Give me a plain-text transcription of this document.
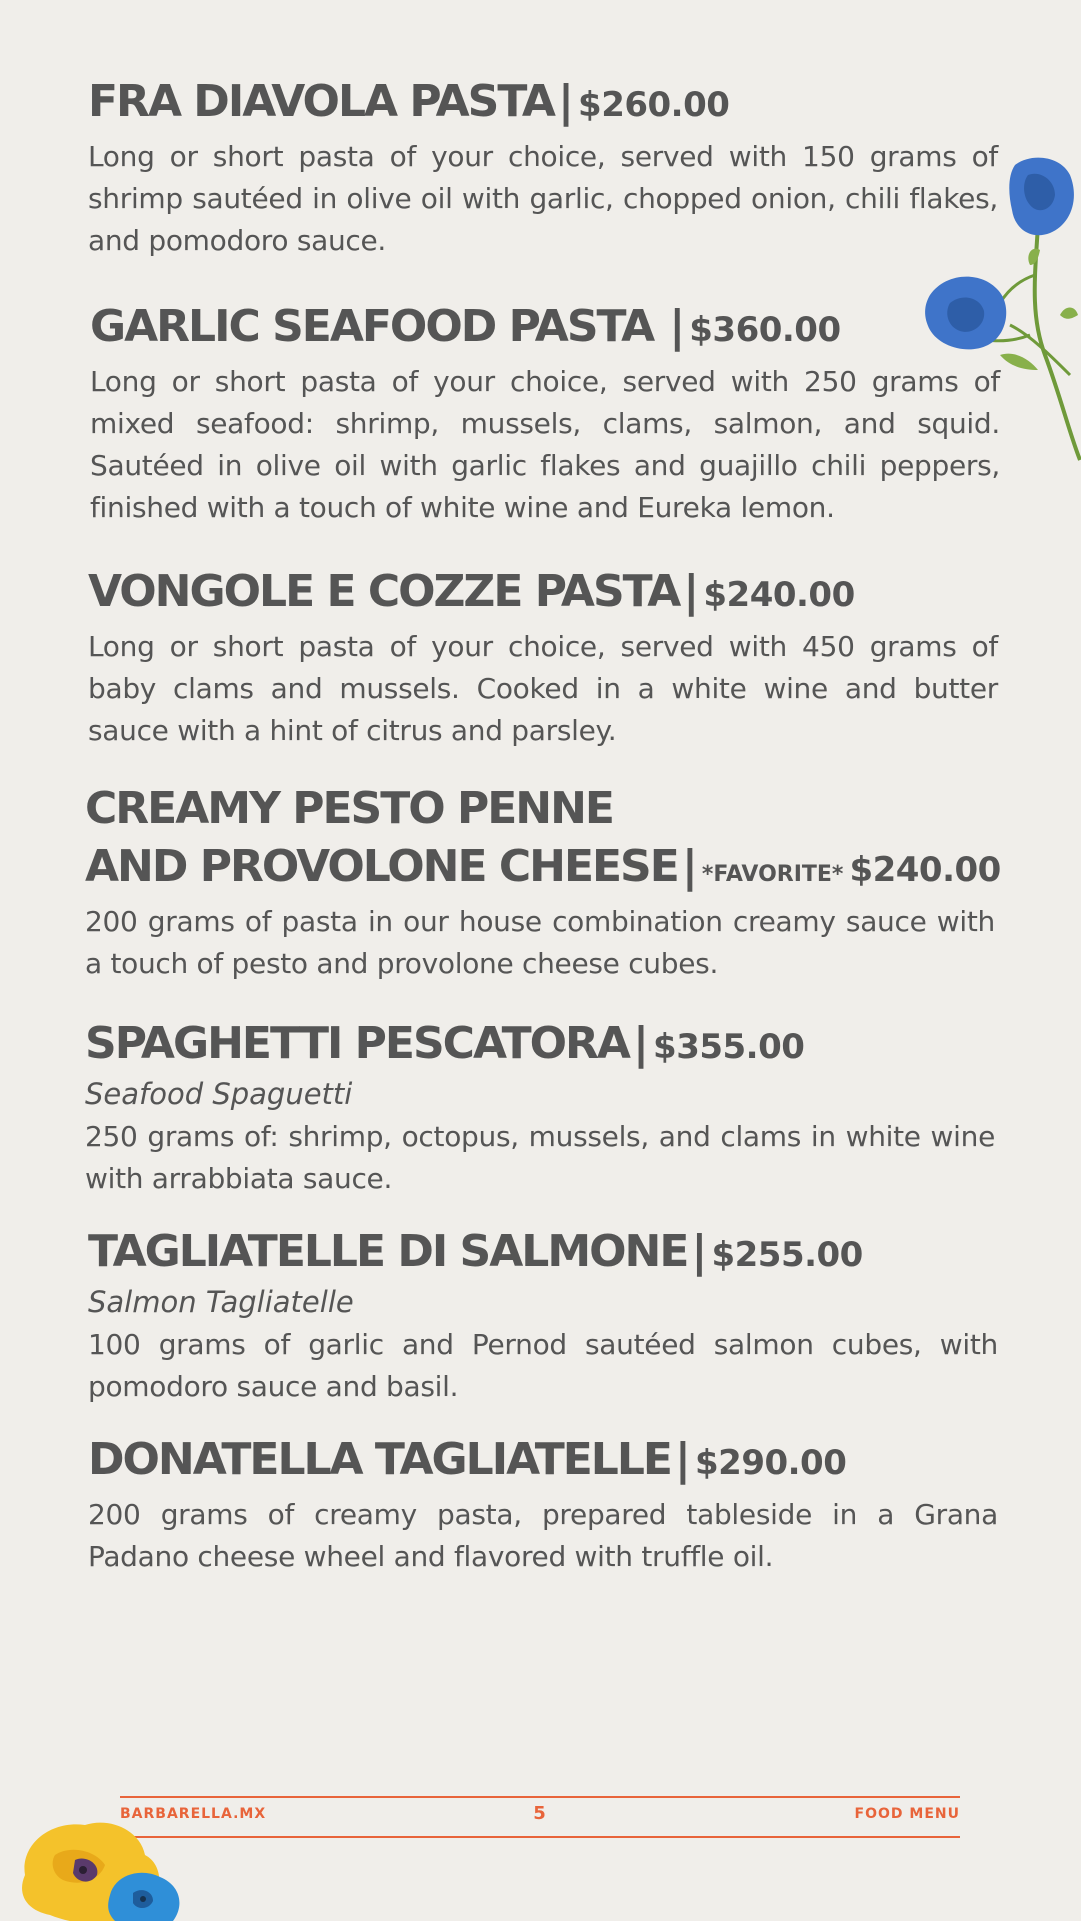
FRA DIAVOLA PASTA| $260.00

Long or short pasta of your choice, served with 150 grams of shrimp sautéed in olive oil with garlic, chopped onion, chili flakes, and pomodoro sauce.

GARLIC SEAFOOD PASTA | $360.00

Long or short pasta of your choice, served with 250 grams of mixed seafood: shrimp, mussels, clams, salmon, and squid. Sautéed in olive oil with garlic flakes and guajillo chili peppers, finished with a touch of white wine and Eureka lemon.

VONGOLE E COZZE PASTA| $240.00

Long or short pasta of your choice, served with 450 grams of baby clams and mussels. Cooked in a white wine and butter sauce with a hint of citrus and parsley.

CREAMY PESTO PENNE
AND PROVOLONE CHEESE| *FAVORITE* $240.00

200 grams of pasta in our house combination creamy sauce with a touch of pesto and provolone cheese cubes.

SPAGHETTI PESCATORA| $355.00

Seafood Spaguetti

250 grams of: shrimp, octopus, mussels, and clams in white wine with arrabbiata sauce.

TAGLIATELLE DI SALMONE| $255.00

Salmon Tagliatelle

100 grams of garlic and Pernod sautéed salmon cubes, with pomodoro sauce and basil.

DONATELLA TAGLIATELLE| $290.00

200 grams of creamy pasta, prepared tableside in a Grana Padano cheese wheel and flavored with truffle oil.

BARBARELLA.MX	5	FOOD MENU
